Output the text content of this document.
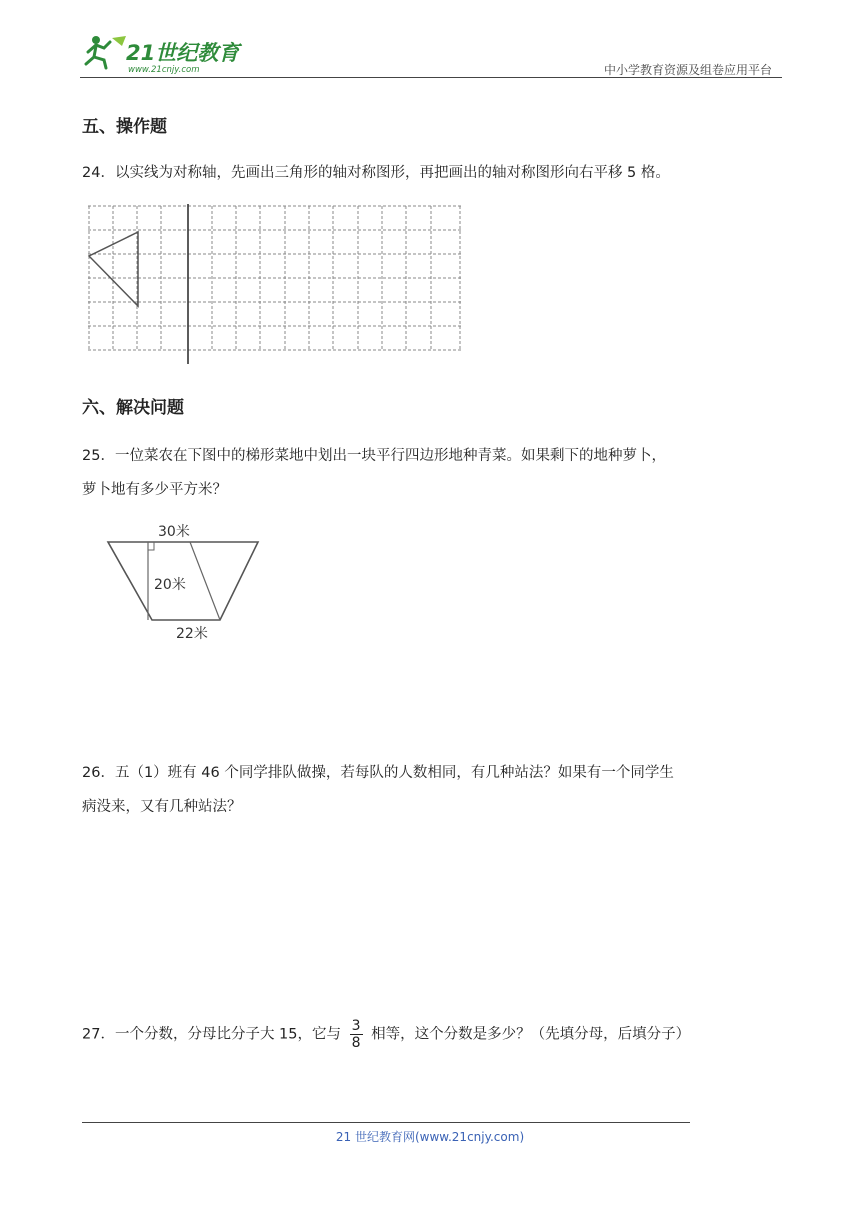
21世纪教育
www.21cnjy.com	中小学教育资源及组卷应用平台
五、操作题
24．以实线为对称轴，先画出三角形的轴对称图形，再把画出的轴对称图形向右平移 5 格。
六、解决问题
25．一位菜农在下图中的梯形菜地中划出一块平行四边形地种青菜。如果剩下的地种萝卜，
萝卜地有多少平方米？
30米
20米
22米
26．五（1）班有 46 个同学排队做操，若每队的人数相同，有几种站法？如果有一个同学生
病没来，又有几种站法？
27．一个分数，分母比分子大 15，它与 $\frac{3}{8}$ 相等，这个分数是多少？（先填分母，后填分子）
21 世纪教育网(www.21cnjy.com)
